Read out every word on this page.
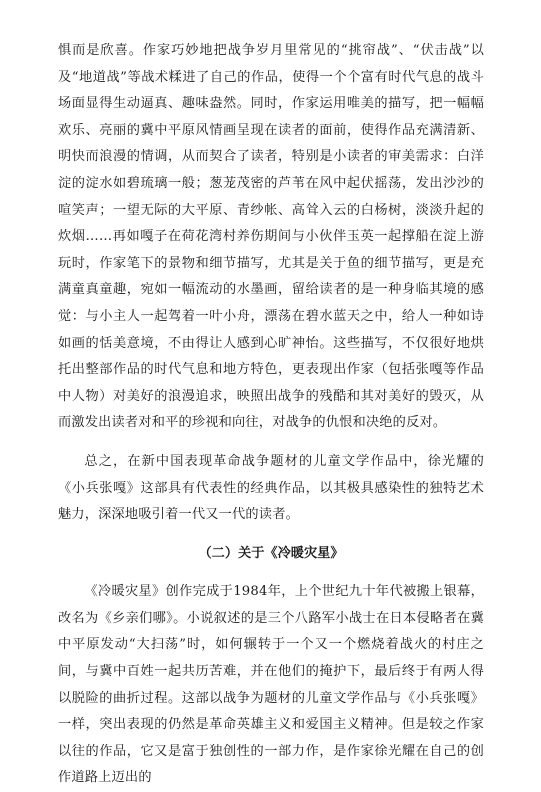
惧而是欣喜。作家巧妙地把战争岁月里常见的“挑帘战”、“伏击战”以及“地道战”等战术糅进了自己的作品，使得一个个富有时代气息的战斗场面显得生动逼真、趣味盎然。同时，作家运用唯美的描写，把一幅幅欢乐、亮丽的冀中平原风情画呈现在读者的面前，使得作品充满清新、明快而浪漫的情调，从而契合了读者，特别是小读者的审美需求：白洋淀的淀水如碧琉璃一般；葱茏茂密的芦苇在风中起伏摇荡，发出沙沙的喧笑声；一望无际的大平原、青纱帐、高耸入云的白杨树，淡淡升起的炊烟……再如嘎子在荷花湾村养伤期间与小伙伴玉英一起撑船在淀上游玩时，作家笔下的景物和细节描写，尤其是关于鱼的细节描写，更是充满童真童趣，宛如一幅流动的水墨画，留给读者的是一种身临其境的感觉：与小主人一起驾着一叶小舟，漂荡在碧水蓝天之中，给人一种如诗如画的恬美意境，不由得让人感到心旷神怡。这些描写，不仅很好地烘托出整部作品的时代气息和地方特色，更表现出作家（包括张嘎等作品中人物）对美好的浪漫追求，映照出战争的残酷和其对美好的毁灭，从而激发出读者对和平的珍视和向往，对战争的仇恨和决绝的反对。

总之，在新中国表现革命战争题材的儿童文学作品中，徐光耀的《小兵张嘎》这部具有代表性的经典作品，以其极具感染性的独特艺术魅力，深深地吸引着一代又一代的读者。

（二）关于《冷暖灾星》

《冷暖灾星》创作完成于1984年，上个世纪九十年代被搬上银幕，改名为《乡亲们哪》。小说叙述的是三个八路军小战士在日本侵略者在冀中平原发动“大扫荡”时，如何辗转于一个又一个燃烧着战火的村庄之间，与冀中百姓一起共历苦难，并在他们的掩护下，最后终于有两人得以脱险的曲折过程。这部以战争为题材的儿童文学作品与《小兵张嘎》一样，突出表现的仍然是革命英雄主义和爱国主义精神。但是较之作家以往的作品，它又是富于独创性的一部力作，是作家徐光耀在自己的创作道路上迈出的
